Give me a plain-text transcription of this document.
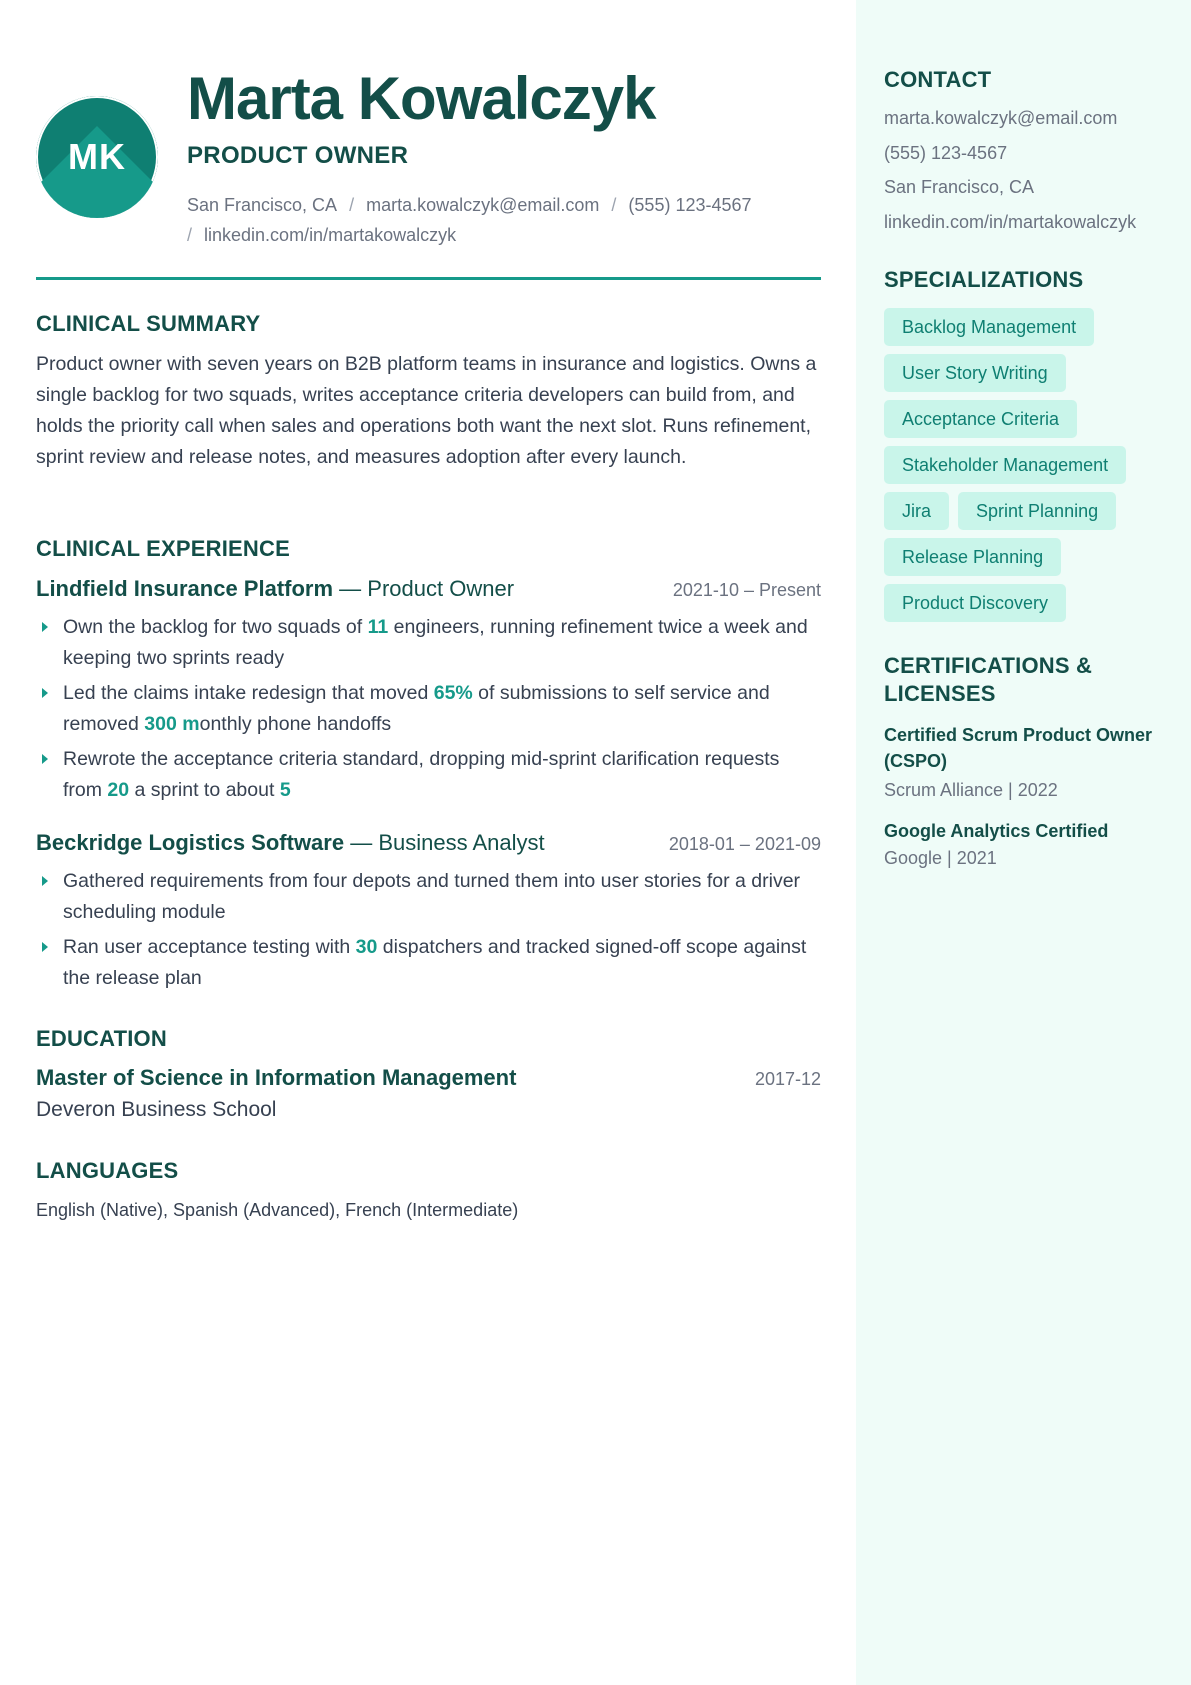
MK
Marta Kowalczyk
PRODUCT OWNER
San Francisco, CA / marta.kowalczyk@email.com / (555) 123-4567
/ linkedin.com/in/martakowalczyk
CLINICAL SUMMARY
Product owner with seven years on B2B platform teams in insurance and logistics. Owns a single backlog for two squads, writes acceptance criteria developers can build from, and holds the priority call when sales and operations both want the next slot. Runs refinement, sprint review and release notes, and measures adoption after every launch.
CLINICAL EXPERIENCE
Lindfield Insurance Platform — Product Owner	2021-10 – Present
Own the backlog for two squads of 11 engineers, running refinement twice a week and keeping two sprints ready
Led the claims intake redesign that moved 65% of submissions to self service and removed 300 monthly phone handoffs
Rewrote the acceptance criteria standard, dropping mid-sprint clarification requests from 20 a sprint to about 5
Beckridge Logistics Software — Business Analyst	2018-01 – 2021-09
Gathered requirements from four depots and turned them into user stories for a driver scheduling module
Ran user acceptance testing with 30 dispatchers and tracked signed-off scope against the release plan
EDUCATION
Master of Science in Information Management	2017-12
Deveron Business School
LANGUAGES
English (Native), Spanish (Advanced), French (Intermediate)
CONTACT
marta.kowalczyk@email.com
(555) 123-4567
San Francisco, CA
linkedin.com/in/martakowalczyk
SPECIALIZATIONS
Backlog Management
User Story Writing
Acceptance Criteria
Stakeholder Management
Jira	Sprint Planning
Release Planning
Product Discovery
CERTIFICATIONS & LICENSES
Certified Scrum Product Owner (CSPO)
Scrum Alliance | 2022
Google Analytics Certified
Google | 2021
